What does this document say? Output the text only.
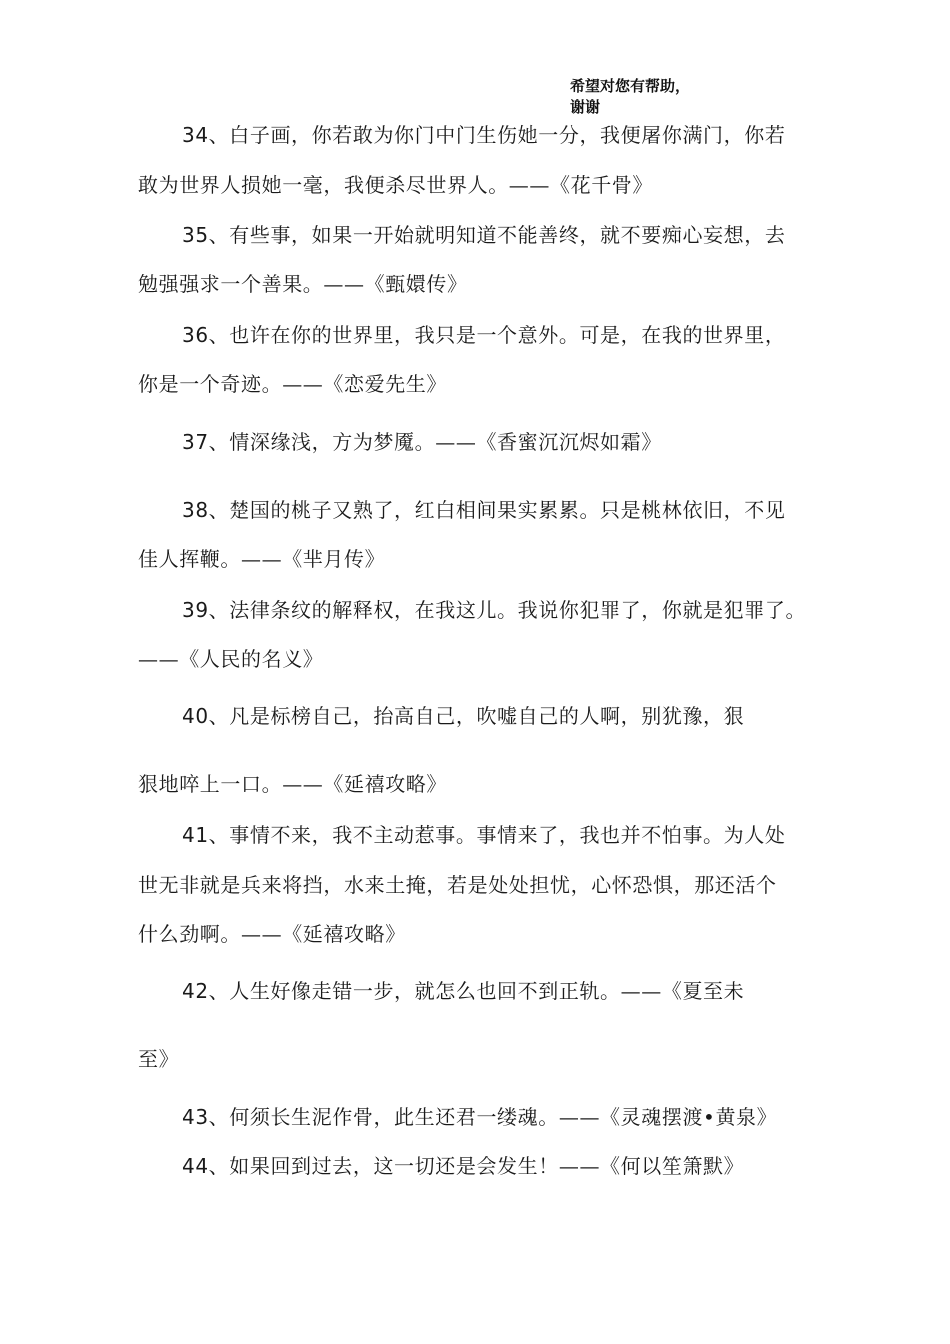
希望对您有帮助，
谢谢
34、白子画，你若敢为你门中门生伤她一分，我便屠你满门，你若
敢为世界人损她一毫，我便杀尽世界人。——《花千骨》
35、有些事，如果一开始就明知道不能善终，就不要痴心妄想，去
勉强强求一个善果。——《甄嬛传》
36、也许在你的世界里，我只是一个意外。可是，在我的世界里，
你是一个奇迹。——《恋爱先生》
37、情深缘浅，方为梦魇。——《香蜜沉沉烬如霜》
38、楚国的桃子又熟了，红白相间果实累累。只是桃林依旧，不见
佳人挥鞭。——《芈月传》
39、法律条纹的解释权，在我这儿。我说你犯罪了，你就是犯罪了。
——《人民的名义》
40、凡是标榜自己，抬高自己，吹嘘自己的人啊，别犹豫，狠
狠地啐上一口。——《延禧攻略》
41、事情不来，我不主动惹事。事情来了，我也并不怕事。为人处
世无非就是兵来将挡，水来土掩，若是处处担忧，心怀恐惧，那还活个
什么劲啊。——《延禧攻略》
42、人生好像走错一步，就怎么也回不到正轨。——《夏至未
至》
43、何须长生泥作骨，此生还君一缕魂。——《灵魂摆渡•黄泉》
44、如果回到过去，这一切还是会发生！——《何以笙箫默》
